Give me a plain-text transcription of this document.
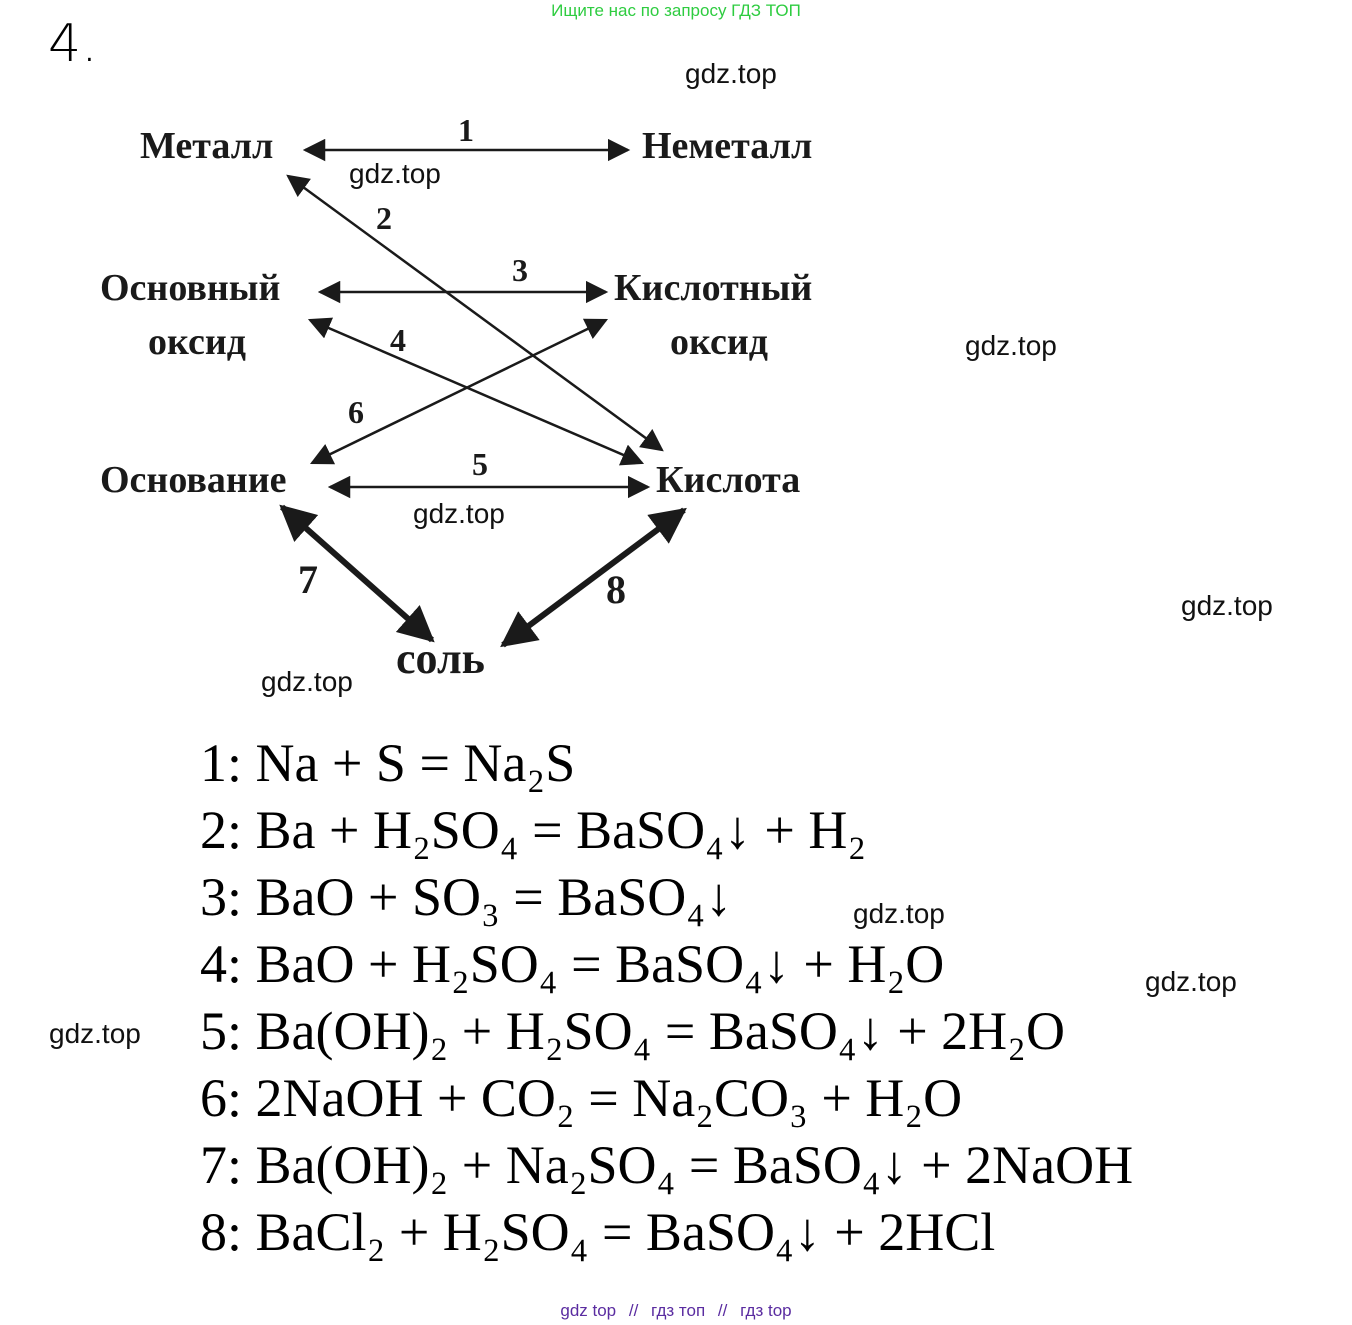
Ищите нас по запросу ГДЗ ТОП
4.
Металл	Неметалл
Основный
оксид
Кислотный
оксид
Основание	Кислота
соль
1
2
3
4
5
6
7	8
gdz.top
gdz.top
gdz.top
gdz.top
gdz.top
gdz.top
gdz.top
gdz.top
gdz.top
1: Na + S = Na₂S
2: Ba + H₂SO₄ = BaSO₄↓ + H₂
3: BaO + SO₃ = BaSO₄↓
4: BaO + H₂SO₄ = BaSO₄↓ + H₂O
5: Ba(OH)₂ + H₂SO₄ = BaSO₄↓ + 2H₂O
6: 2NaOH + CO₂ = Na₂CO₃ + H₂O
7: Ba(OH)₂ + Na₂SO₄ = BaSO₄↓ + 2NaOH
8: BaCl₂ + H₂SO₄ = BaSO₄↓ + 2HCl
gdz top // гдз топ // гдз top
